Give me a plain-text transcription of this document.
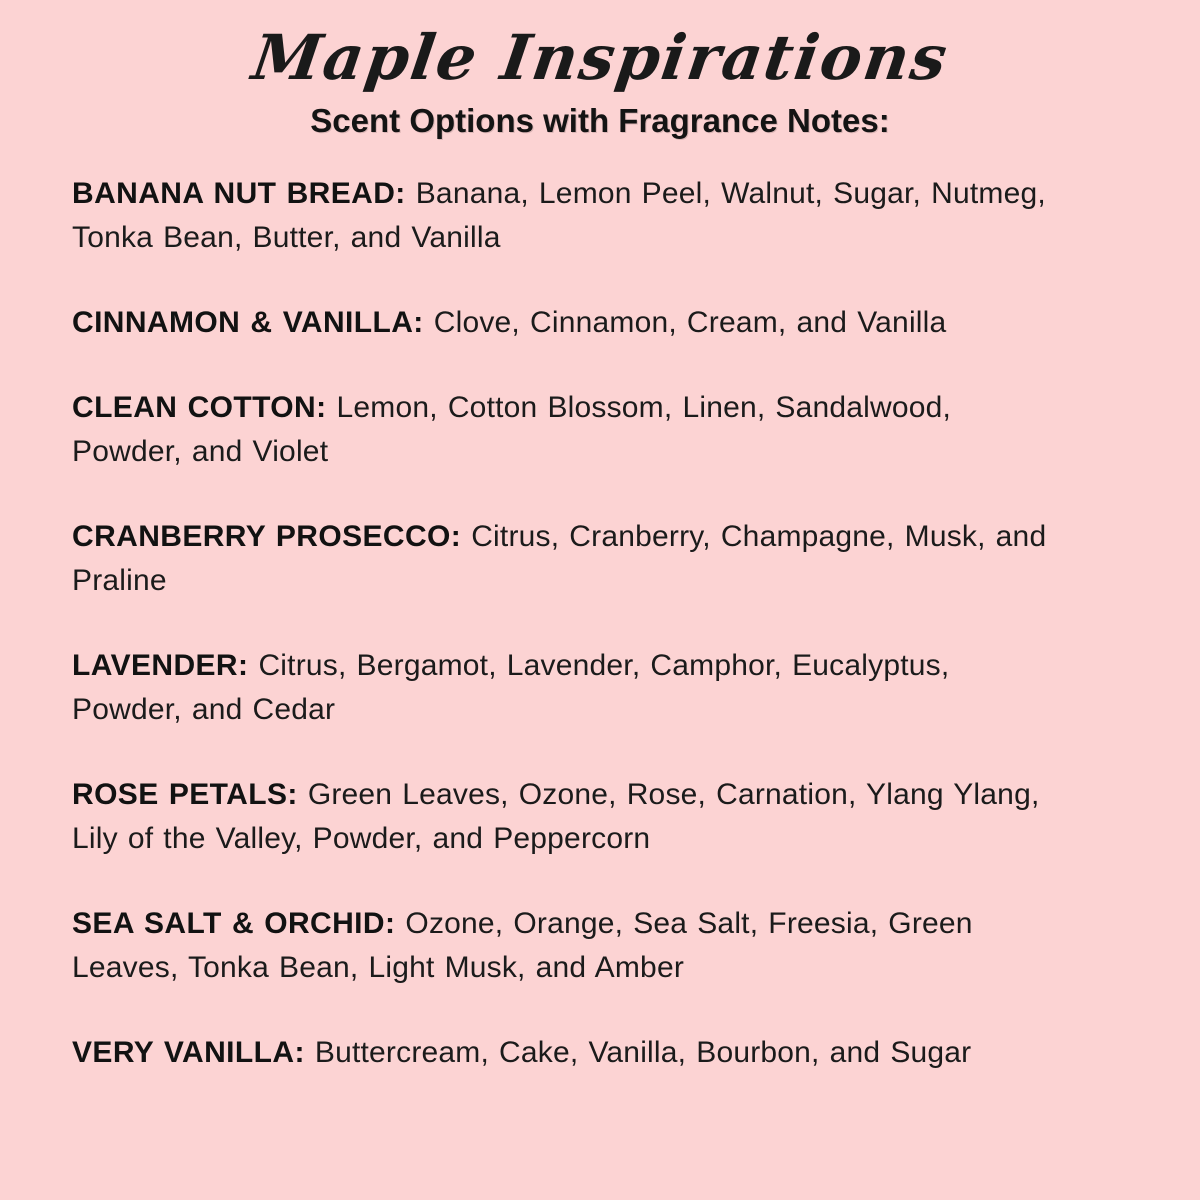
Maple Inspirations
Scent Options with Fragrance Notes:

BANANA NUT BREAD: Banana, Lemon Peel, Walnut, Sugar, Nutmeg, Tonka Bean, Butter, and Vanilla

CINNAMON & VANILLA: Clove, Cinnamon, Cream, and Vanilla

CLEAN COTTON: Lemon, Cotton Blossom, Linen, Sandalwood, Powder, and Violet

CRANBERRY PROSECCO: Citrus, Cranberry, Champagne, Musk, and Praline

LAVENDER: Citrus, Bergamot, Lavender, Camphor, Eucalyptus, Powder, and Cedar

ROSE PETALS: Green Leaves, Ozone, Rose, Carnation, Ylang Ylang, Lily of the Valley, Powder, and Peppercorn

SEA SALT & ORCHID: Ozone, Orange, Sea Salt, Freesia, Green Leaves, Tonka Bean, Light Musk, and Amber

VERY VANILLA: Buttercream, Cake, Vanilla, Bourbon, and Sugar
